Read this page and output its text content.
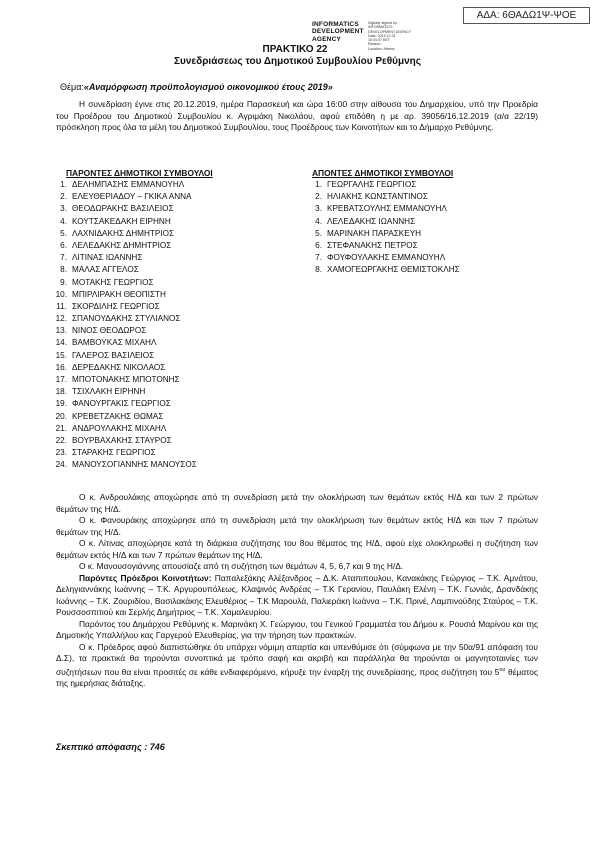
ΑΔΑ: 6ΘΑΔΩ1Ψ-ΨΟΕ
INFORMATICS
DEVELOPMENT
AGENCY
Digitally signed by
INFORMATICS
DEVELOPMENT AGENCY
Date: 2019.12.31
10:41:07 EET
Reason:
Location: Athens
ΠΡΑΚΤΙΚΟ 22
Συνεδριάσεως του Δημοτικού Συμβουλίου Ρεθύμνης
Θέμα:«Αναμόρφωση προϋπολογισμού οικονομικού έτους 2019»
Η συνεδρίαση έγινε στις 20.12.2019, ημέρα Παρασκευή και ώρα 16:00 στην αίθουσα του Δημαρχείου, υπό την Προεδρία του Προέδρου του Δημοτικού Συμβουλίου κ. Αγριμάκη Νικολάου, αφού επιδόθη η με αρ. 39056/16.12.2019 (α/α 22/19) πρόσκληση προς όλα τα μέλη του Δημοτικού Συμβουλίου, τους Προέδρους των Κοινοτήτων και το Δήμαρχο Ρεθύμνης.
ΠΑΡΟΝΤΕΣ ΔΗΜΟΤΙΚΟΙ ΣΥΜΒΟΥΛΟΙ	ΑΠΟΝΤΕΣ ΔΗΜΟΤΙΚΟΙ ΣΥΜΒΟΥΛΟΙ
1. ΔΕΛΗΜΠΑΣΗΣ ΕΜΜΑΝΟΥΗΛ
2. ΕΛΕΥΘΕΡΙΑΔΟΥ – ΓΚΙΚΑ ΑΝΝΑ
3. ΘΕΟΔΩΡΑΚΗΣ ΒΑΣΙΛΕΙΟΣ
4. ΚΟΥΤΣΑΚΕΔΑΚΗ ΕΙΡΗΝΗ
5. ΛΑΧΝΙΔΑΚΗΣ ΔΗΜΗΤΡΙΟΣ
6. ΛΕΛΕΔΑΚΗΣ ΔΗΜΗΤΡΙΟΣ
7. ΛΙΤΙΝΑΣ ΙΩΑΝΝΗΣ
8. ΜΑΛΑΣ ΑΓΓΕΛΟΣ
9. ΜΟΤΑΚΗΣ ΓΕΩΡΓΙΟΣ
10. ΜΠΙΡΛΙΡΑΚΗ ΘΕΟΠΙΣΤΗ
11. ΣΚΟΡΔΙΛΗΣ ΓΕΩΡΓΙΟΣ
12. ΣΠΑΝΟΥΔΑΚΗΣ ΣΤΥΛΙΑΝΟΣ
13. ΝΙΝΟΣ ΘΕΟΔΩΡΟΣ
14. ΒΑΜΒΟΥΚΑΣ ΜΙΧΑΗΛ
15. ΓΑΛΕΡΟΣ ΒΑΣΙΛΕΙΟΣ
16. ΔΕΡΕΔΑΚΗΣ ΝΙΚΟΛΑΟΣ
17. ΜΠΟΤΟΝΑΚΗΣ ΜΠΟΤΟΝΗΣ
18. ΤΣΙΧΛΑΚΗ ΕΙΡΗΝΗ
19. ΦΑΝΟΥΡΓΑΚΙΣ ΓΕΩΡΓΙΟΣ
20. ΚΡΕΒΕΤΖΑΚΗΣ ΘΩΜΑΣ
21. ΑΝΔΡΟΥΛΑΚΗΣ ΜΙΧΑΗΛ
22. ΒΟΥΡΒΑΧΑΚΗΣ ΣΤΑΥΡΟΣ
23. ΣΤΑΡΑΚΗΣ ΓΕΩΡΓΙΟΣ
24. ΜΑΝΟΥΣΟΓΙΑΝΝΗΣ ΜΑΝΟΥΣΟΣ
1. ΓΕΩΡΓΑΛΗΣ ΓΕΩΡΓΙΟΣ
2. ΗΛΙΑΚΗΣ ΚΩΝΣΤΑΝΤΙΝΟΣ
3. ΚΡΕΒΑΤΣΟΥΛΗΣ ΕΜΜΑΝΟΥΗΛ
4. ΛΕΛΕΔΑΚΗΣ ΙΩΑΝΝΗΣ
5. ΜΑΡΙΝΑΚΗ ΠΑΡΑΣΚΕΥΗ
6. ΣΤΕΦΑΝΑΚΗΣ ΠΕΤΡΟΣ
7. ΦΟΥΦΟΥΛΑΚΗΣ ΕΜΜΑΝΟΥΗΛ
8. ΧΑΜΟΓΕΩΡΓΑΚΗΣ ΘΕΜΙΣΤΟΚΛΗΣ

Ο κ. Ανδρουλάκης αποχώρησε από τη συνεδρίαση μετά την ολοκλήρωση των θεμάτων εκτός Η/Δ και των 2 πρώτων θεμάτων της Η/Δ.

Ο κ. Φανουράκης αποχώρησε από τη συνεδρίαση μετά την ολοκλήρωση των θεμάτων εκτός Η/Δ και των 7 πρώτων θεμάτων της Η/Δ.

Ο κ. Λίτινας αποχώρησε κατά τη διάρκεια συζήτησης του 8ου θέματος της Η/Δ, αφού είχε ολοκληρωθεί η συζήτηση των θεμάτων εκτός Η/Δ και των 7 πρώτων θεμάτων της Η/Δ.

Ο κ. Μανουσογιάννης απουσίαζε από τη συζήτηση των θεμάτων 4, 5, 6,7 και 9 της Η/Δ.

Παρόντες Πρόεδροι Κοινοτήτων: Παπαλεξάκης Αλέξανδρος – Δ.Κ. Αταπιπουλου, Κανακάκης Γεώργιος – Τ.Κ. Αμνάτου, Δεληγιαννάκης Ιωάννης – Τ.Κ. Αργυρουπόλεως, Κλαψινός Ανδρέας – Τ.Κ Γερανίου, Παυλάκη Ελένη – Τ.Κ. Γωνιάς, Δρανδάκης Ιωάννης – Τ.Κ. Ζουριδίου, Βασιλακάκης Ελευθέριος – Τ.Κ Μαρουλά, Παλιεράκη Ιωάννα – Τ.Κ. Πρινέ, Λαμπινούδης Σταύρος – Τ.Κ. Ρουσσοσπιτιού και Σερλής Δημήτριος – Τ.Κ. Χαμαλευρίου.

Παρόντος του Δημάρχου Ρεθύμνης κ. Μαρινάκη Χ. Γεώργιου, του Γενικού Γραμματέα του Δήμου κ. Ρουσιά Μαρίνου και της Δημοτικής Υπαλλήλου κας Γαργερού Ελευθερίας, για την τήρηση των πρακτικών.

Ο κ. Πρόεδρος αφού διαπιστώθηκε ότι υπάρχει νόμιμη απαρτία και υπενθύμισε ότι (σύμφωνα με την 50α/91 απόφαση του Δ.Σ), τα πρακτικά θα τηρούνται συνοπτικά με τρόπο σαφή και ακριβή και παράλληλα θα τηρούνται οι μαγνητοταινίες των συζητήσεων που θα είναι προσιτές σε κάθε ενδιαφερόμενο, κήρυξε την έναρξη της συνεδρίασης, προς συζήτηση του $5^{o\upsilon}$ θέματος της ημερήσιας διάταξης.

Σκεπτικό απόφασης : 746
